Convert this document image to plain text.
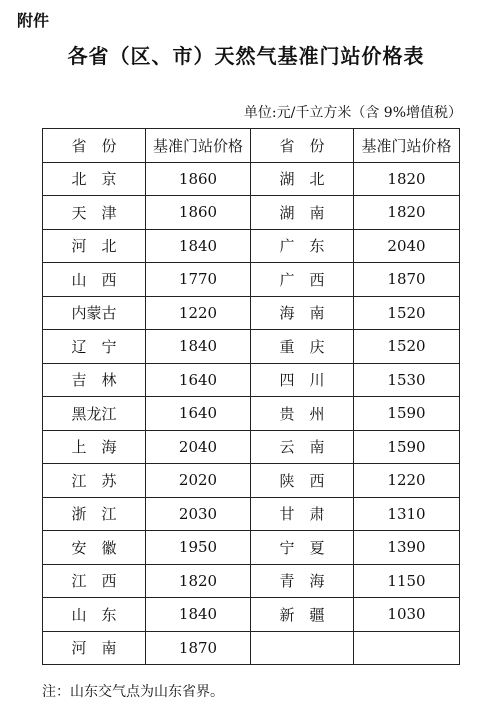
附件
各省（区、市）天然气基准门站价格表
单位:元/千立方米（含 9%增值税）
省　份	基准门站价格	省　份	基准门站价格
北　京	1860	湖　北	1820
天　津	1860	湖　南	1820
河　北	1840	广　东	2040
山　西	1770	广　西	1870
内蒙古	1220	海　南	1520
辽　宁	1840	重　庆	1520
吉　林	1640	四　川	1530
黑龙江	1640	贵　州	1590
上　海	2040	云　南	1590
江　苏	2020	陕　西	1220
浙　江	2030	甘　肃	1310
安　徽	1950	宁　夏	1390
江　西	1820	青　海	1150
山　东	1840	新　疆	1030
河　南	1870		
注：山东交气点为山东省界。
